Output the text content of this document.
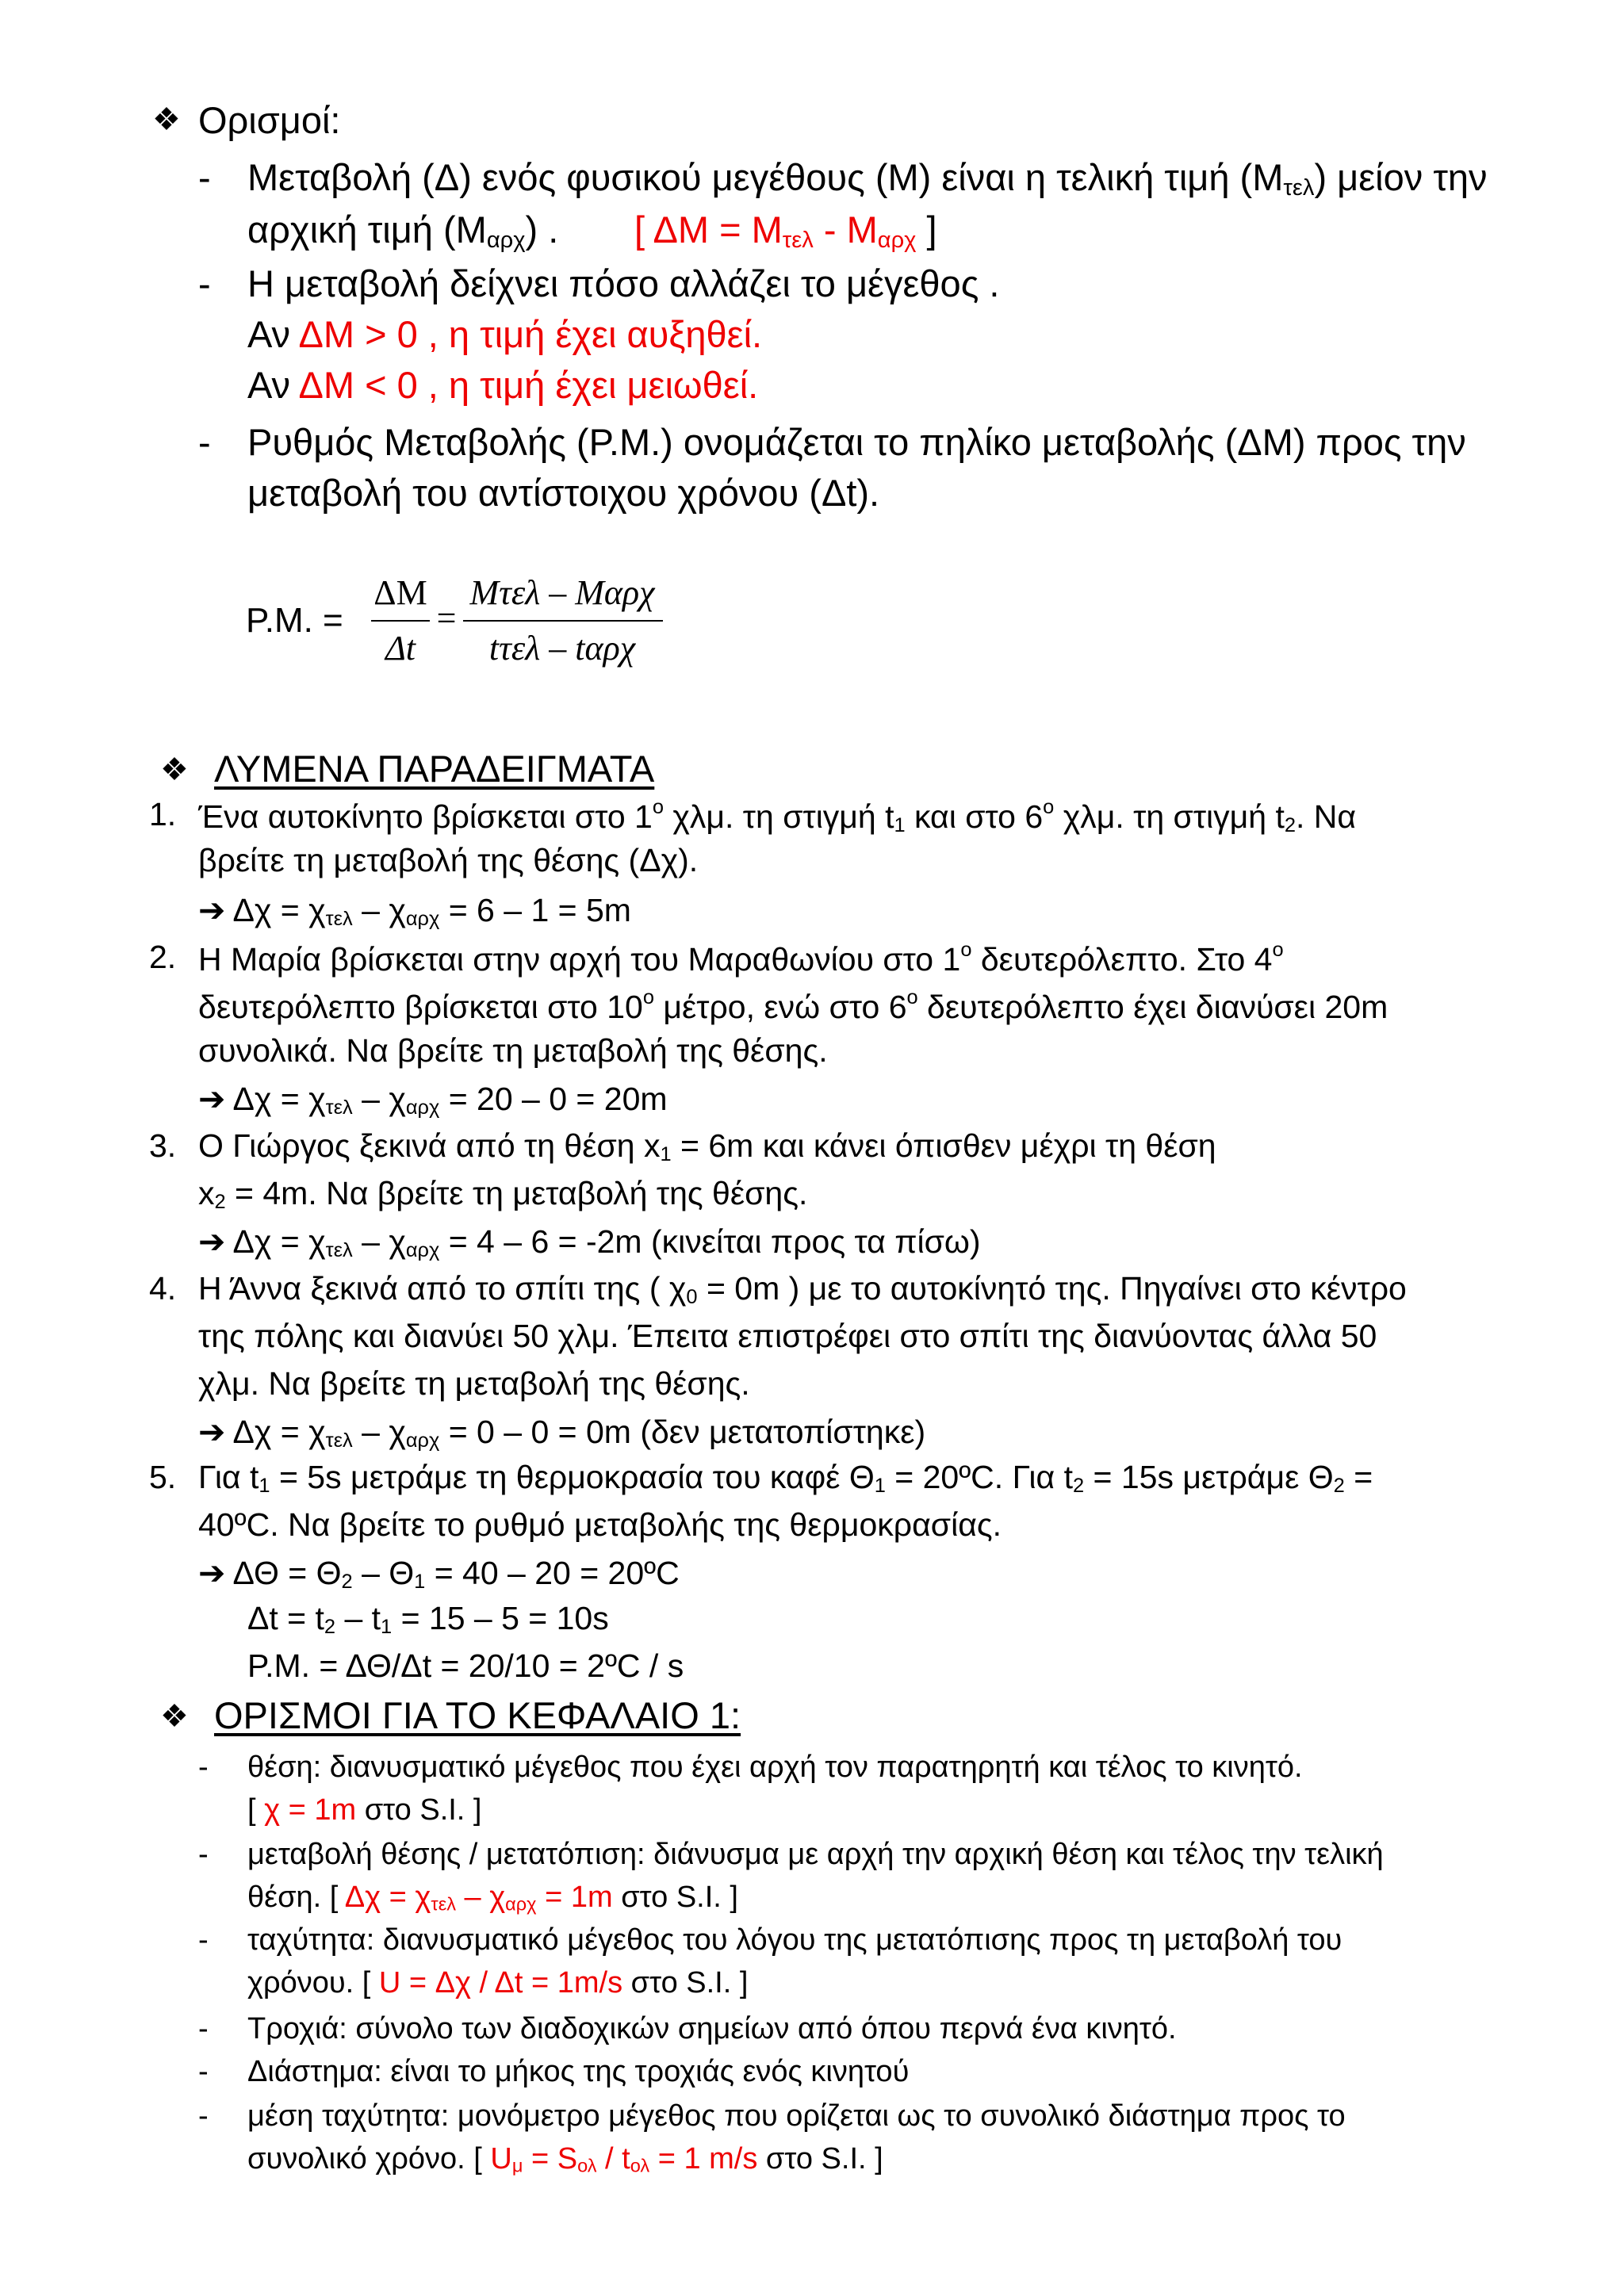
❖ Ορισμοί:
- Μεταβολή (Δ) ενός φυσικού μεγέθους (Μ) είναι η τελική τιμή $(M_{\tau\varepsilon\lambda})$ μείον την
αρχική τιμή $(M_{\alpha\rho\chi})$ . [ $\Delta M = M_{\tau\varepsilon\lambda} - M_{\alpha\rho\chi}$ ]
- Η μεταβολή δείχνει πόσο αλλάζει το μέγεθος .
Αν ΔΜ > 0 , η τιμή έχει αυξηθεί.
Αν ΔΜ < 0 , η τιμή έχει μειωθεί.
- Ρυθμός Μεταβολής (Ρ.Μ.) ονομάζεται το πηλίκο μεταβολής (ΔΜ) προς την
μεταβολή του αντίστοιχου χρόνου (Δt).
Ρ.Μ. =
ΔΜ
Δt
=
Μτελ – Μαρχ
tτελ – tαρχ
❖ ΛΥΜΕΝΑ ΠΑΡΑΔΕΙΓΜΑΤΑ
1. Ένα αυτοκίνητο βρίσκεται στο $1^o$ χλμ. τη στιγμή t1 και στο $6^o$ χλμ. τη στιγμή t2. Να
βρείτε τη μεταβολή της θέσης (Δχ).
➔ Δχ = χτελ – χαρχ = 6 – 1 = 5m
2. Η Μαρία βρίσκεται στην αρχή του Μαραθωνίου στο $1^o$ δευτερόλεπτο. Στο $4^o$
δευτερόλεπτο βρίσκεται στο $10^o$ μέτρο, ενώ στο $6^o$ δευτερόλεπτο έχει διανύσει 20m
συνολικά. Να βρείτε τη μεταβολή της θέσης.
➔ Δχ = χτελ – χαρχ = 20 – 0 = 20m
3. Ο Γιώργος ξεκινά από τη θέση x1 = 6m και κάνει όπισθεν μέχρι τη θέση
x2 = 4m. Να βρείτε τη μεταβολή της θέσης.
➔ Δχ = χτελ – χαρχ = 4 – 6 = -2m (κινείται προς τα πίσω)
4. Η Άννα ξεκινά από το σπίτι της ( χ0 = 0m ) με το αυτοκίνητό της. Πηγαίνει στο κέντρο
της πόλης και διανύει 50 χλμ. Έπειτα επιστρέφει στο σπίτι της διανύοντας άλλα 50
χλμ. Να βρείτε τη μεταβολή της θέσης.
➔ Δχ = χτελ – χαρχ = 0 – 0 = 0m (δεν μετατοπίστηκε)
5. Για t1 = 5s μετράμε τη θερμοκρασία του καφέ Θ1 = 20ºC. Για t2 = 15s μετράμε Θ2 =
40ºC. Να βρείτε το ρυθμό μεταβολής της θερμοκρασίας.
➔ ΔΘ = Θ2 – Θ1 = 40 – 20 = 20ºC
Δt = t2 – t1 = 15 – 5 = 10s
Ρ.Μ. = ΔΘ/Δt = 20/10 = 2ºC / s
❖ ΟΡΙΣΜΟΙ ΓΙΑ ΤΟ ΚΕΦΑΛΑΙΟ 1:
- θέση: διανυσματικό μέγεθος που έχει αρχή τον παρατηρητή και τέλος το κινητό.
[ χ = 1m στο S.I. ]
- μεταβολή θέσης / μετατόπιση: διάνυσμα με αρχή την αρχική θέση και τέλος την τελική
θέση. [ $\Delta\chi = \chi_{\tau\varepsilon\lambda} - \chi_{\alpha\rho\chi} = 1m$ στο S.I. ]
- ταχύτητα: διανυσματικό μέγεθος του λόγου της μετατόπισης προς τη μεταβολή του
χρόνου. [ U = Δχ / Δt = 1m/s στο S.I. ]
- Τροχιά: σύνολο των διαδοχικών σημείων από όπου περνά ένα κινητό.
- Διάστημα: είναι το μήκος της τροχιάς ενός κινητού
- μέση ταχύτητα: μονόμετρο μέγεθος που ορίζεται ως το συνολικό διάστημα προς το
συνολικό χρόνο. [ $U_\mu = S_{o\lambda} / t_{o\lambda} = 1$ m/s στο S.I. ]
